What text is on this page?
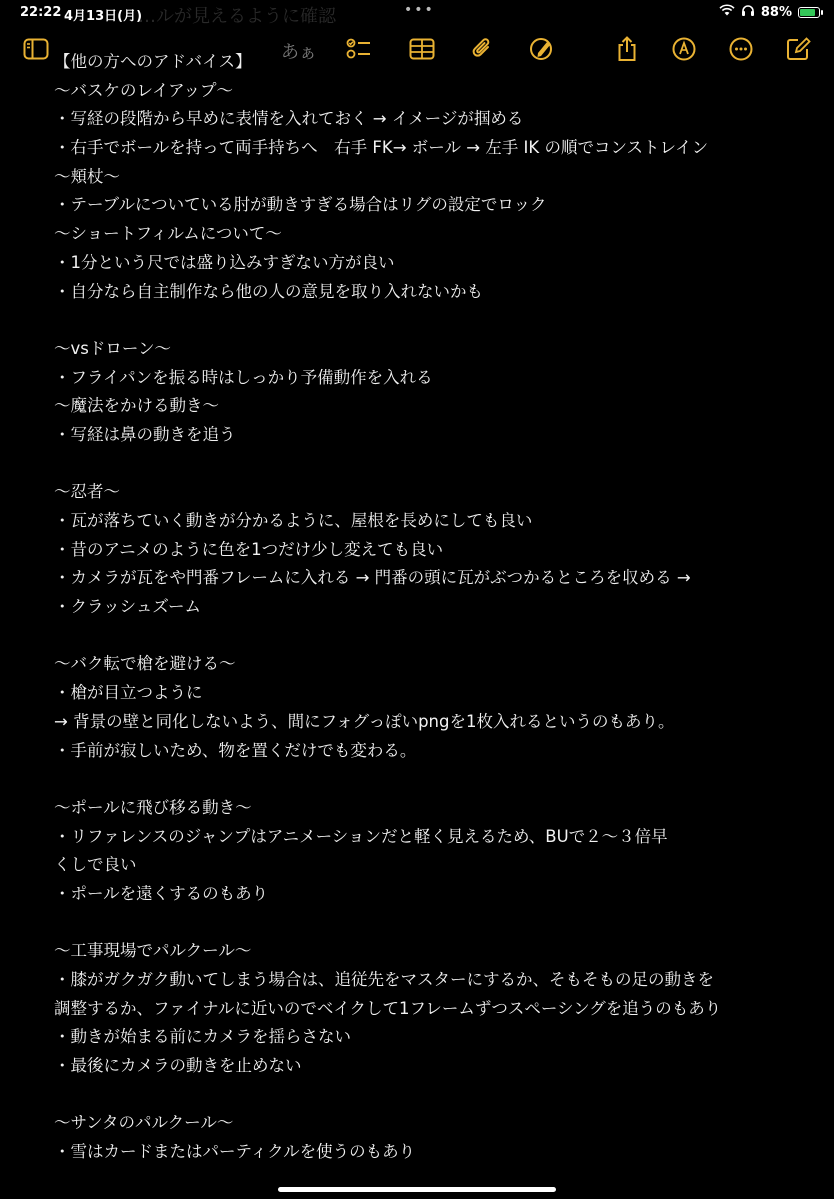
22:22 4月13日(月)
…ルが見えるように確認	•••	88%
あぁ
【他の方へのアドバイス】
〜バスケのレイアップ〜
・写経の段階から早めに表情を入れておく → イメージが掴める
・右手でボールを持って両手持ちへ　右手 FK→ ボール → 左手 IK の順でコンストレイン
〜頬杖〜
・テーブルについている肘が動きすぎる場合はリグの設定でロック
〜ショートフィルムについて〜
・1分という尺では盛り込みすぎない方が良い
・自分なら自主制作なら他の人の意見を取り入れないかも
〜vsドローン〜
・フライパンを振る時はしっかり予備動作を入れる
〜魔法をかける動き〜
・写経は鼻の動きを追う
〜忍者〜
・瓦が落ちていく動きが分かるように、屋根を長めにしても良い
・昔のアニメのように色を1つだけ少し変えても良い
・カメラが瓦をや門番フレームに入れる → 門番の頭に瓦がぶつかるところを収める →
・クラッシュズーム
〜バク転で槍を避ける〜
・槍が目立つように
→ 背景の壁と同化しないよう、間にフォグっぽいpngを1枚入れるというのもあり。
・手前が寂しいため、物を置くだけでも変わる。
〜ポールに飛び移る動き〜
・リファレンスのジャンプはアニメーションだと軽く見えるため、BUで２〜３倍早
くしで良い
・ポールを遠くするのもあり
〜工事現場でパルクール〜
・膝がガクガク動いてしまう場合は、追従先をマスターにするか、そもそもの足の動きを
調整するか、ファイナルに近いのでベイクして1フレームずつスペーシングを追うのもあり
・動きが始まる前にカメラを揺らさない
・最後にカメラの動きを止めない
〜サンタのパルクール〜
・雪はカードまたはパーティクルを使うのもあり
